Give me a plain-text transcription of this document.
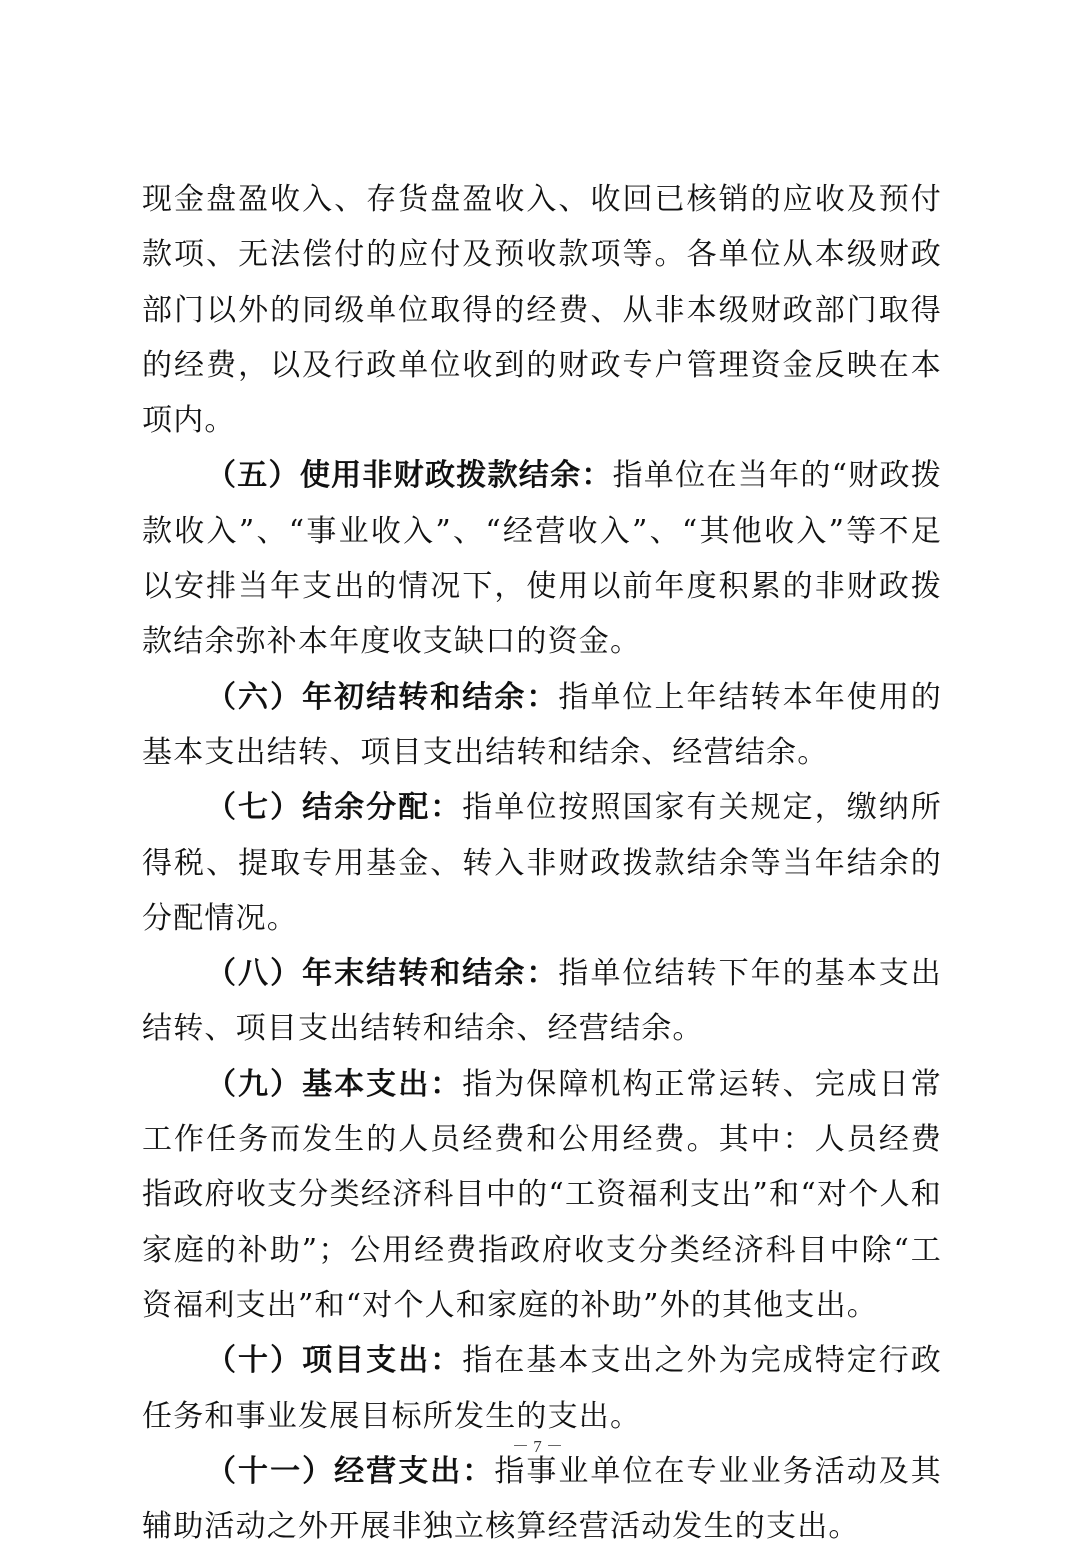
现金盘盈收入、存货盘盈收入、收回已核销的应收及预付款项、无法偿付的应付及预收款项等。各单位从本级财政部门以外的同级单位取得的经费、从非本级财政部门取得的经费，以及行政单位收到的财政专户管理资金反映在本项内。

（五）使用非财政拨款结余：指单位在当年的“财政拨款收入”、“事业收入”、“经营收入”、“其他收入”等不足以安排当年支出的情况下，使用以前年度积累的非财政拨款结余弥补本年度收支缺口的资金。

（六）年初结转和结余：指单位上年结转本年使用的基本支出结转、项目支出结转和结余、经营结余。

（七）结余分配：指单位按照国家有关规定，缴纳所得税、提取专用基金、转入非财政拨款结余等当年结余的分配情况。

（八）年末结转和结余：指单位结转下年的基本支出结转、项目支出结转和结余、经营结余。

（九）基本支出：指为保障机构正常运转、完成日常工作任务而发生的人员经费和公用经费。其中：人员经费指政府收支分类经济科目中的“工资福利支出”和“对个人和家庭的补助”；公用经费指政府收支分类经济科目中除“工资福利支出”和“对个人和家庭的补助”外的其他支出。

（十）项目支出：指在基本支出之外为完成特定行政任务和事业发展目标所发生的支出。

（十一）经营支出：指事业单位在专业业务活动及其辅助活动之外开展非独立核算经营活动发生的支出。

－ 7 －
